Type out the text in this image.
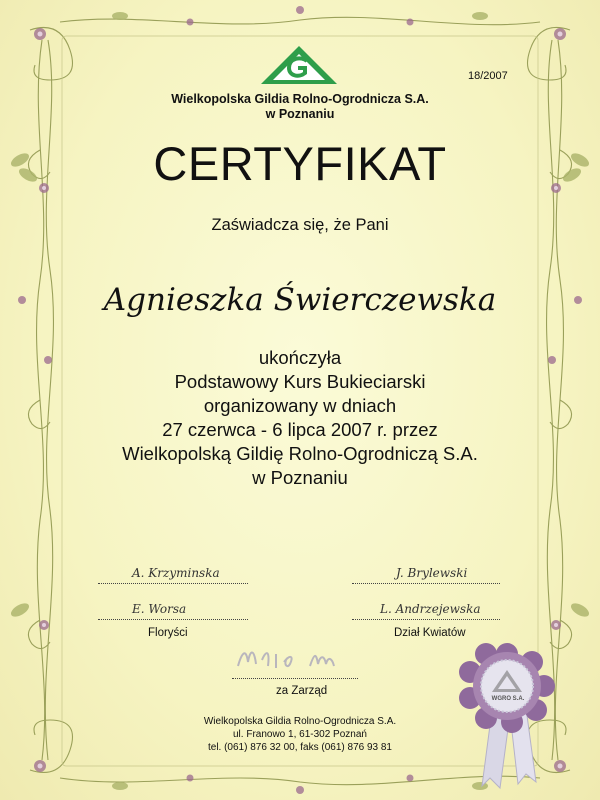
18/2007
Wielkopolska Gildia Rolno-Ogrodnicza S.A.
w Poznaniu
CERTYFIKAT
Zaświadcza się, że Pani
Agnieszka Świerczewska
ukończyła
Podstawowy Kurs Bukieciarski
organizowany w dniach
27 czerwca - 6 lipca 2007 r. przez
Wielkopolską Gildię Rolno-Ogrodniczą S.A.
w Poznaniu
A. Krzyminska
E. Worsa
Floryści
J. Brylewski
L. Andrzejewska
Dział Kwiatów
za Zarząd
Wielkopolska Gildia Rolno-Ogrodnicza S.A.
ul. Franowo 1, 61-302 Poznań
tel. (061) 876 32 00, faks (061) 876 93 81
WGRO S.A.
